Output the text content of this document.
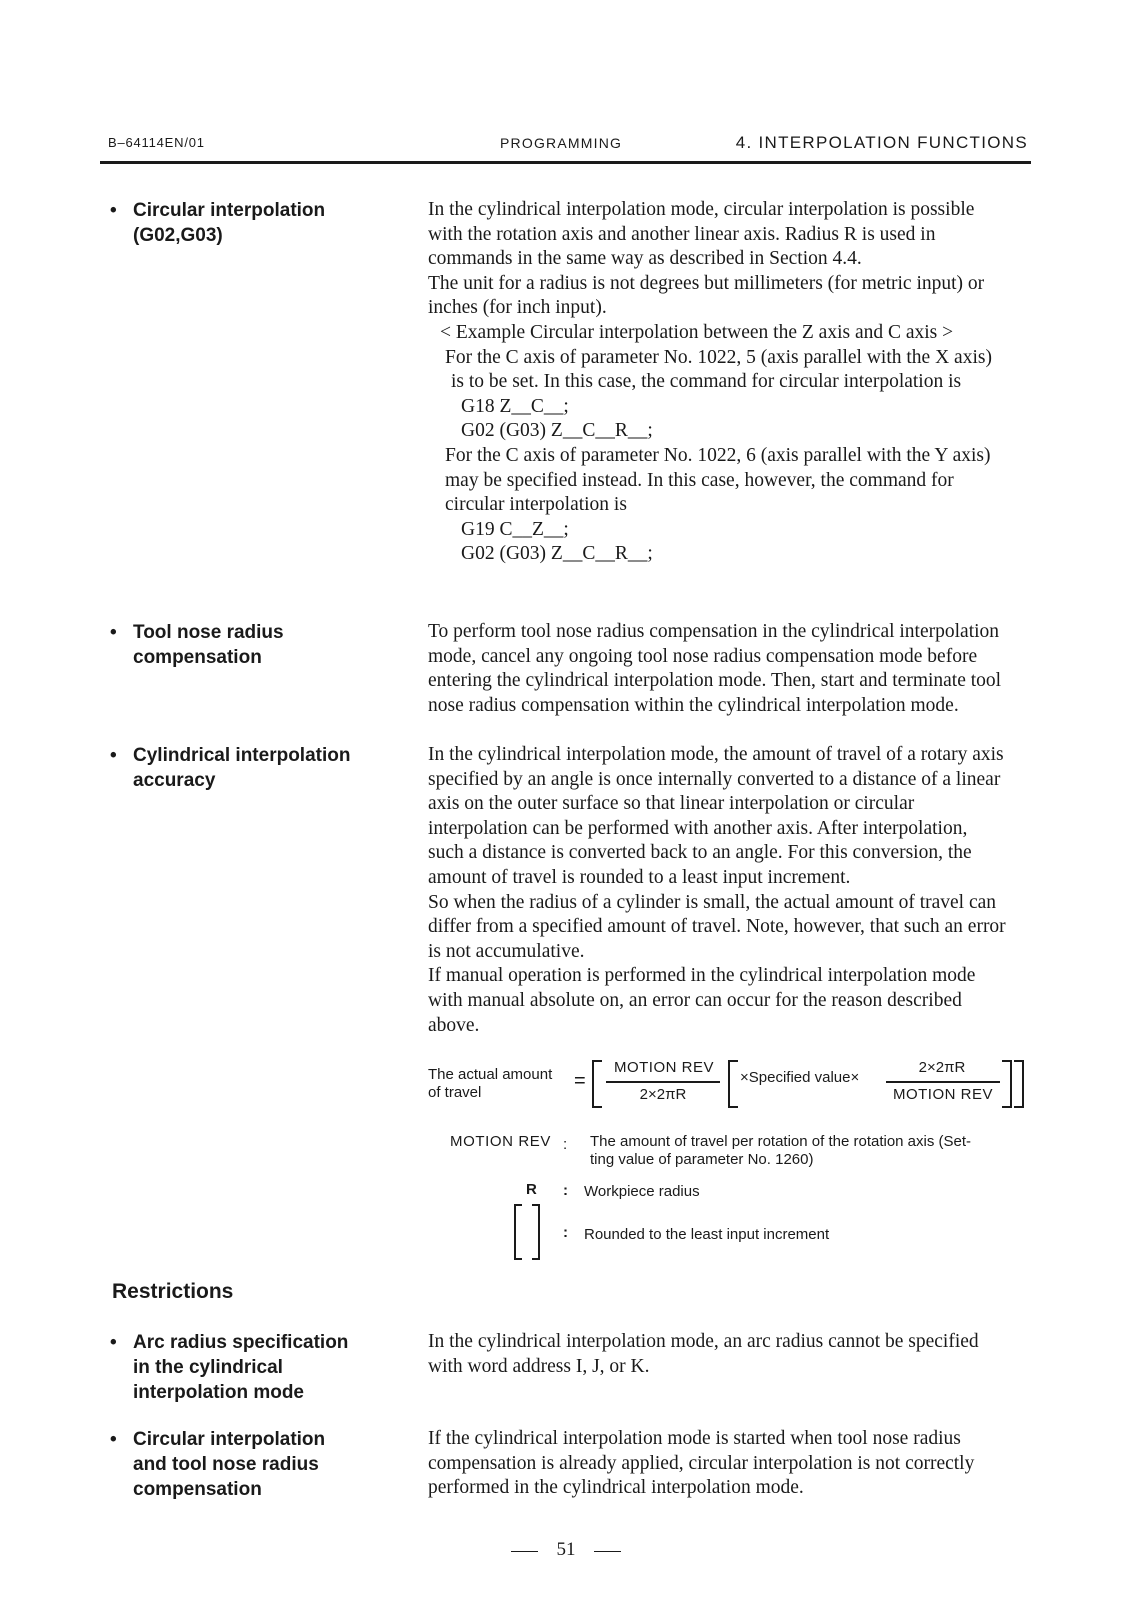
B–64114EN/01	PROGRAMMING	4. INTERPOLATION FUNCTIONS
• Circular interpolation
(G02,G03)
In the cylindrical interpolation mode, circular interpolation is possible
with the rotation axis and another linear axis. Radius R is used in
commands in the same way as described in Section 4.4.
The unit for a radius is not degrees but millimeters (for metric input) or
inches (for inch input).
< Example Circular interpolation between the Z axis and C axis >
For the C axis of parameter No. 1022, 5 (axis parallel with the X axis)
is to be set. In this case, the command for circular interpolation is
G18 Z__C__;
G02 (G03) Z__C__R__;
For the C axis of parameter No. 1022, 6 (axis parallel with the Y axis)
may be specified instead. In this case, however, the command for
circular interpolation is
G19 C__Z__;
G02 (G03) Z__C__R__;
• Tool nose radius
compensation
To perform tool nose radius compensation in the cylindrical interpolation
mode, cancel any ongoing tool nose radius compensation mode before
entering the cylindrical interpolation mode. Then, start and terminate tool
nose radius compensation within the cylindrical interpolation mode.
• Cylindrical interpolation
accuracy
In the cylindrical interpolation mode, the amount of travel of a rotary axis
specified by an angle is once internally converted to a distance of a linear
axis on the outer surface so that linear interpolation or circular
interpolation can be performed with another axis. After interpolation,
such a distance is converted back to an angle. For this conversion, the
amount of travel is rounded to a least input increment.
So when the radius of a cylinder is small, the actual amount of travel can
differ from a specified amount of travel. Note, however, that such an error
is not accumulative.
If manual operation is performed in the cylindrical interpolation mode
with manual absolute on, an error can occur for the reason described
above.
The actual amount
of travel
=
MOTION REV
2×2πR
×Specified value×
2×2πR
MOTION REV
MOTION REV : The amount of travel per rotation of the rotation axis (Set-
ting value of parameter No. 1260)
R : Workpiece radius
: Rounded to the least input increment
Restrictions
• Arc radius specification
in the cylindrical
interpolation mode
In the cylindrical interpolation mode, an arc radius cannot be specified
with word address I, J, or K.
• Circular interpolation
and tool nose radius
compensation
If the cylindrical interpolation mode is started when tool nose radius
compensation is already applied, circular interpolation is not correctly
performed in the cylindrical interpolation mode.
51
